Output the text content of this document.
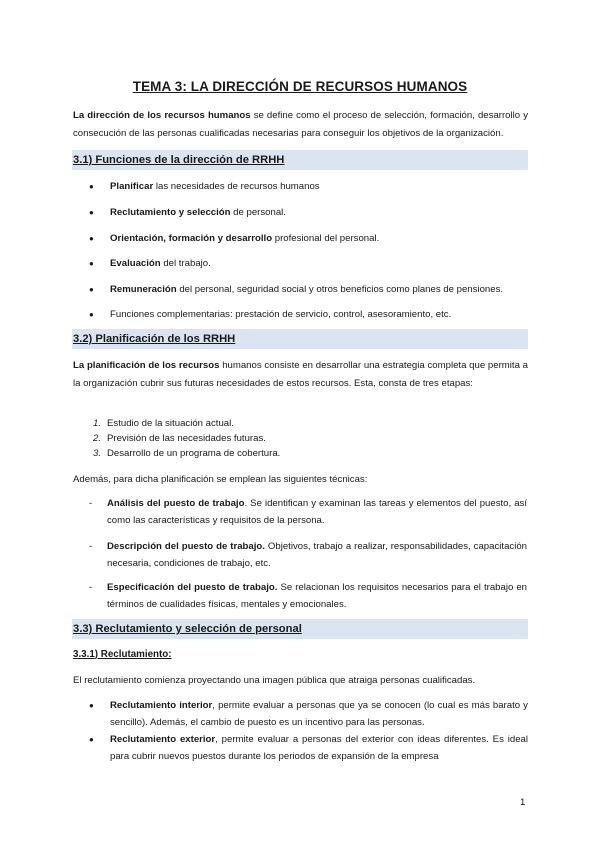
TEMA 3: LA DIRECCIÓN DE RECURSOS HUMANOS
La dirección de los recursos humanos se define como el proceso de selección, formación, desarrollo y consecución de las personas cualificadas necesarias para conseguir los objetivos de la organización.
3.1) Funciones de la dirección de RRHH
● Planificar las necesidades de recursos humanos
● Reclutamiento y selección de personal.
● Orientación, formación y desarrollo profesional del personal.
● Evaluación del trabajo.
● Remuneración del personal, seguridad social y otros beneficios como planes de pensiones.
● Funciones complementarias: prestación de servicio, control, asesoramiento, etc.
3.2) Planificación de los RRHH
La planificación de los recursos humanos consiste en desarrollar una estrategia completa que permita a la organización cubrir sus futuras necesidades de estos recursos. Esta, consta de tres etapas:
1. Estudio de la situación actual.
2. Previsión de las necesidades futuras.
3. Desarrollo de un programa de cobertura.
Además, para dicha planificación se emplean las siguientes técnicas:
- Análisis del puesto de trabajo. Se identifican y examinan las tareas y elementos del puesto, así como las características y requisitos de la persona.
- Descripción del puesto de trabajo. Objetivos, trabajo a realizar, responsabilidades, capacitación necesaria, condiciones de trabajo, etc.
- Especificación del puesto de trabajo. Se relacionan los requisitos necesarios para el trabajo en términos de cualidades físicas, mentales y emocionales.
3.3) Reclutamiento y selección de personal
3.3.1) Reclutamiento:
El reclutamiento comienza proyectando una imagen pública que atraiga personas cualificadas.
● Reclutamiento interior, permite evaluar a personas que ya se conocen (lo cual es más barato y sencillo). Además, el cambio de puesto es un incentivo para las personas.
● Reclutamiento exterior, permite evaluar a personas del exterior con ideas diferentes. Es ideal para cubrir nuevos puestos durante los periodos de expansión de la empresa
1
